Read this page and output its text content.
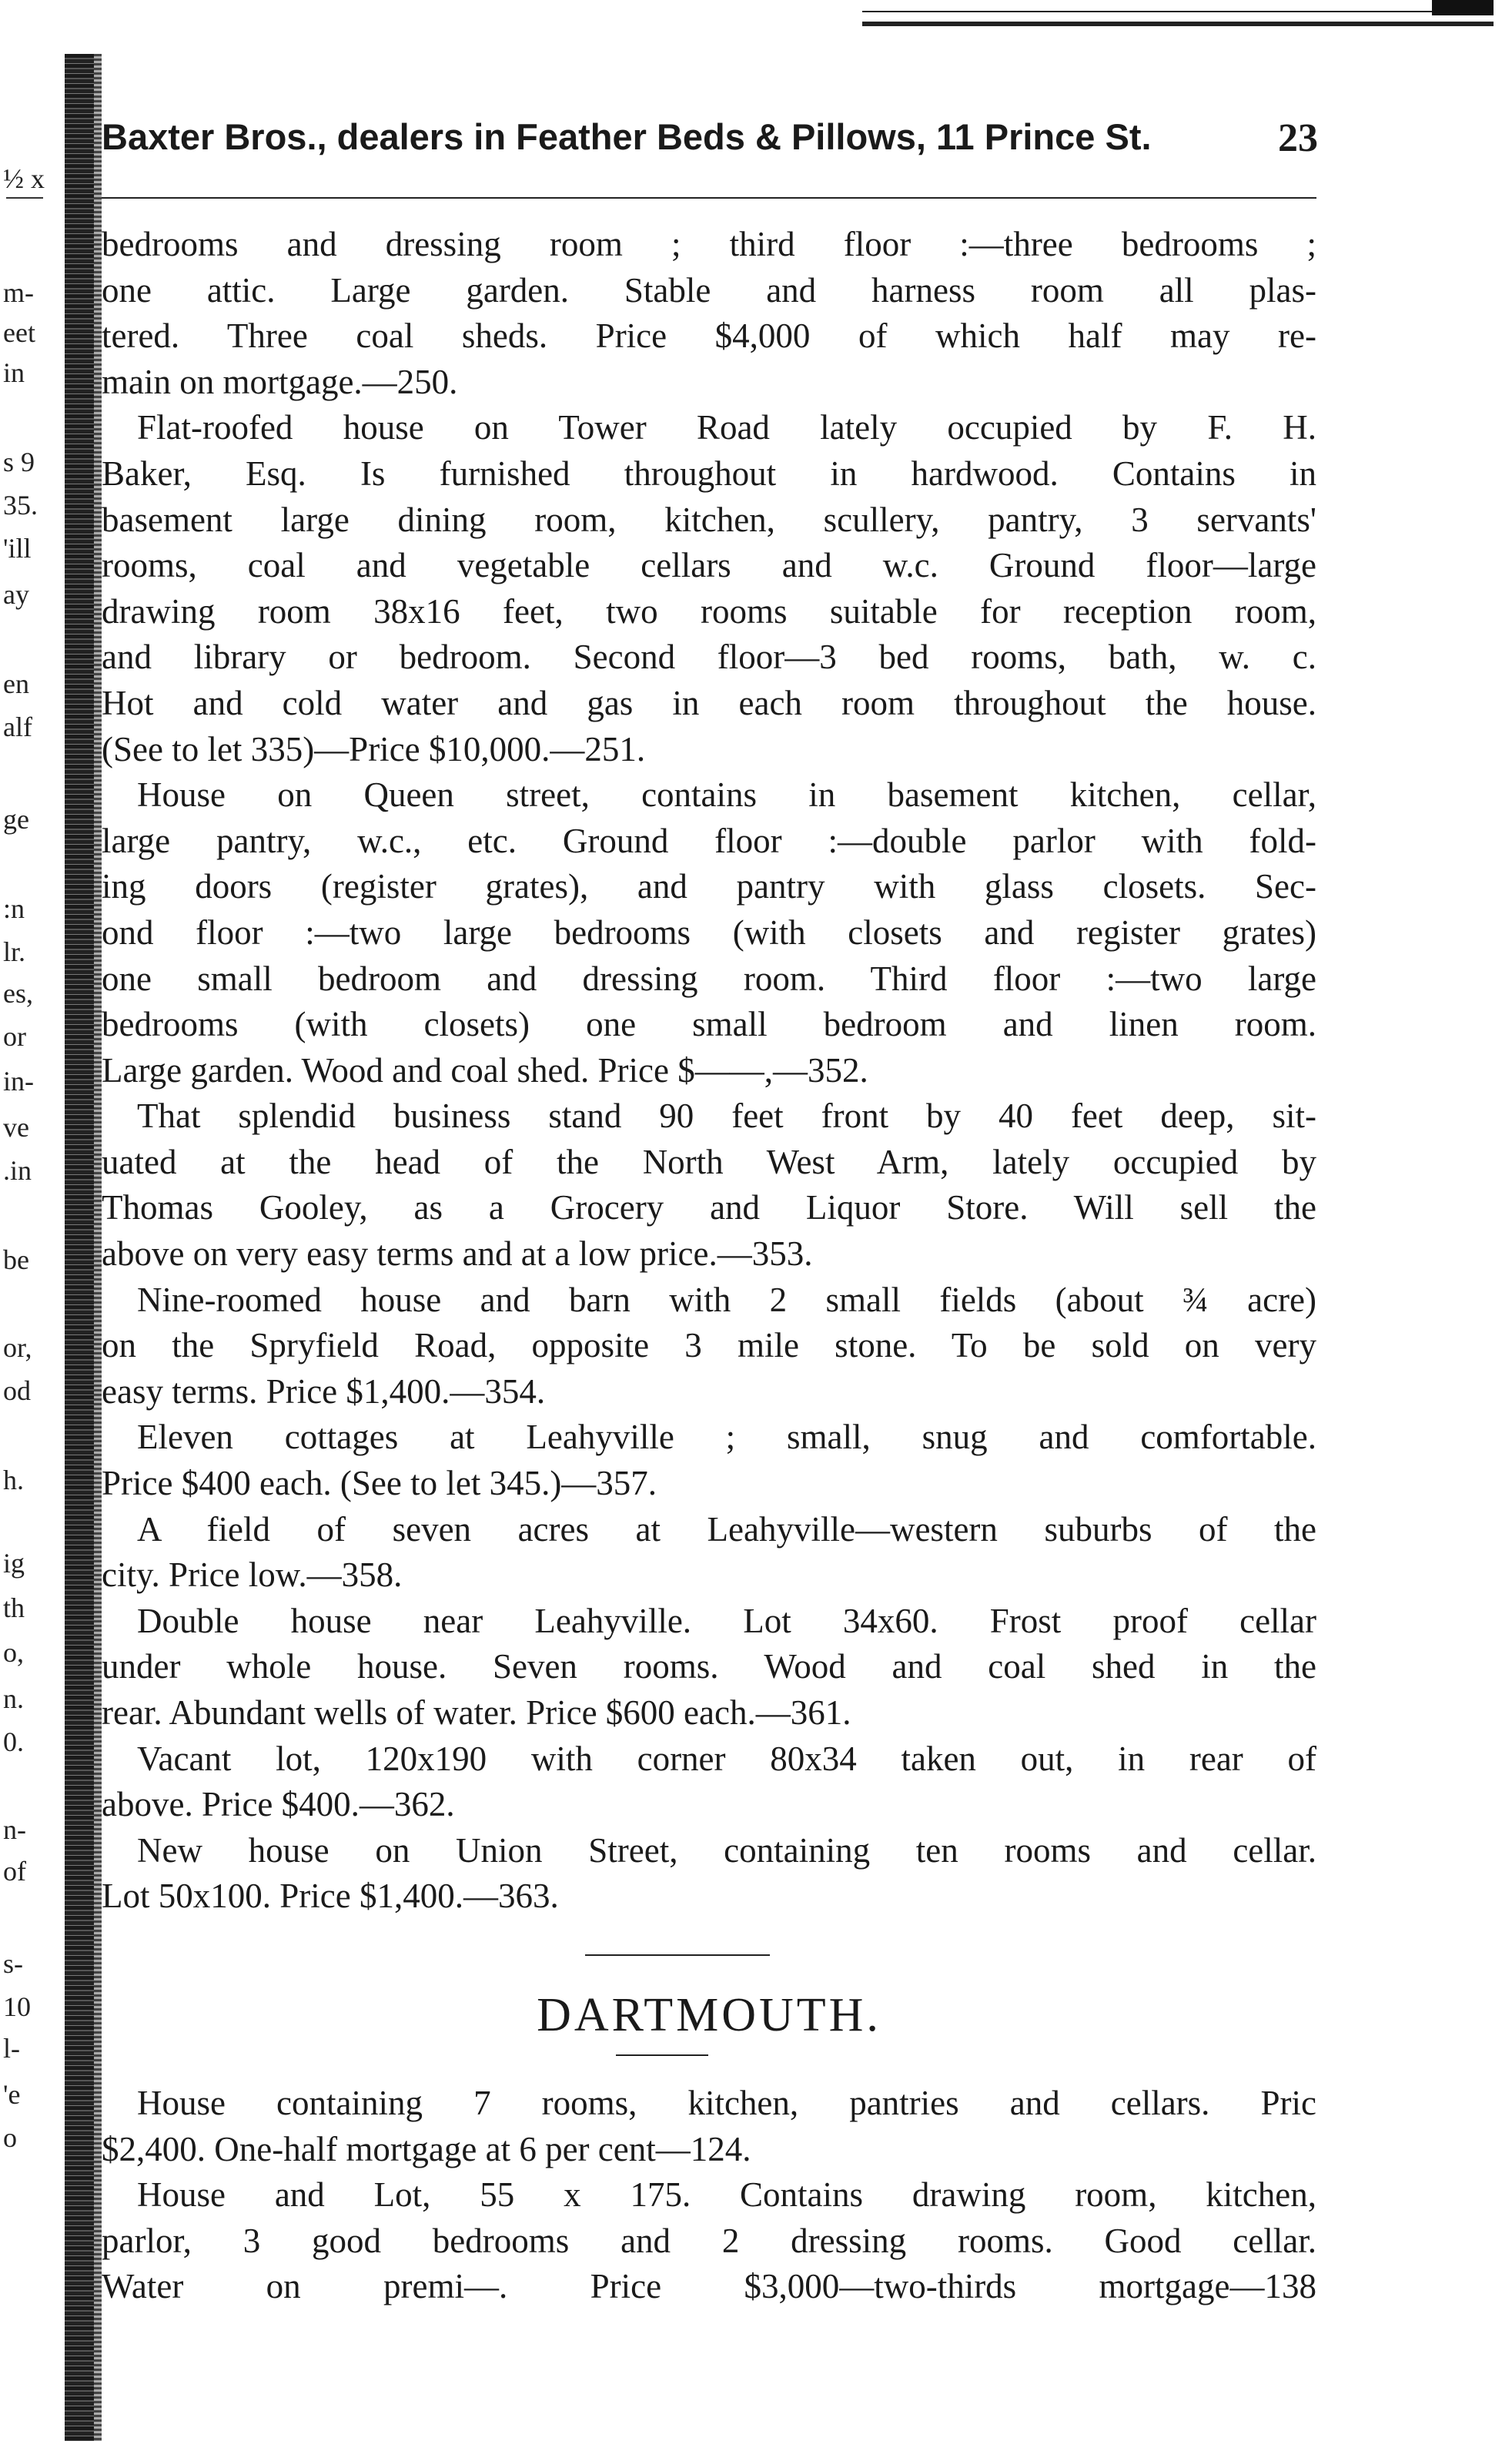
½ x
m-
eet
in
s 9
35.
'ill
ay
en
alf
ge
:n
lr.
es,
or
in-
ve
.in
be
or,
od
h.
ig
th
o,
n.
0.
n-
of
s-
10
l-
'e
o
Baxter Bros., dealers in Feather Beds & Pillows, 11 Prince St.	23
bedrooms and dressing room ; third floor :—three bedrooms ;
one attic. Large garden. Stable and harness room all plas-
tered. Three coal sheds. Price $4,000 of which half may re-
main on mortgage.—250.
Flat-roofed house on Tower Road lately occupied by F. H.
Baker, Esq. Is furnished throughout in hardwood. Contains in
basement large dining room, kitchen, scullery, pantry, 3 servants'
rooms, coal and vegetable cellars and w.c. Ground floor—large
drawing room 38x16 feet, two rooms suitable for reception room,
and library or bedroom. Second floor—3 bed rooms, bath, w. c.
Hot and cold water and gas in each room throughout the house.
(See to let 335)—Price $10,000.—251.
House on Queen street, contains in basement kitchen, cellar,
large pantry, w.c., etc. Ground floor :—double parlor with fold-
ing doors (register grates), and pantry with glass closets. Sec-
ond floor :—two large bedrooms (with closets and register grates)
one small bedroom and dressing room. Third floor :—two large
bedrooms (with closets) one small bedroom and linen room.
Large garden. Wood and coal shed. Price $——,—352.
That splendid business stand 90 feet front by 40 feet deep, sit-
uated at the head of the North West Arm, lately occupied by
Thomas Gooley, as a Grocery and Liquor Store. Will sell the
above on very easy terms and at a low price.—353.
Nine-roomed house and barn with 2 small fields (about ¾ acre)
on the Spryfield Road, opposite 3 mile stone. To be sold on very
easy terms. Price $1,400.—354.
Eleven cottages at Leahyville ; small, snug and comfortable.
Price $400 each. (See to let 345.)—357.
A field of seven acres at Leahyville—western suburbs of the
city. Price low.—358.
Double house near Leahyville. Lot 34x60. Frost proof cellar
under whole house. Seven rooms. Wood and coal shed in the
rear. Abundant wells of water. Price $600 each.—361.
Vacant lot, 120x190 with corner 80x34 taken out, in rear of
above. Price $400.—362.
New house on Union Street, containing ten rooms and cellar.
Lot 50x100. Price $1,400.—363.
DARTMOUTH.
House containing 7 rooms, kitchen, pantries and cellars. Pric
$2,400. One-half mortgage at 6 per cent—124.
House and Lot, 55 x 175. Contains drawing room, kitchen,
parlor, 3 good bedrooms and 2 dressing rooms. Good cellar.
Water on premi—. Price $3,000—two-thirds mortgage—138
